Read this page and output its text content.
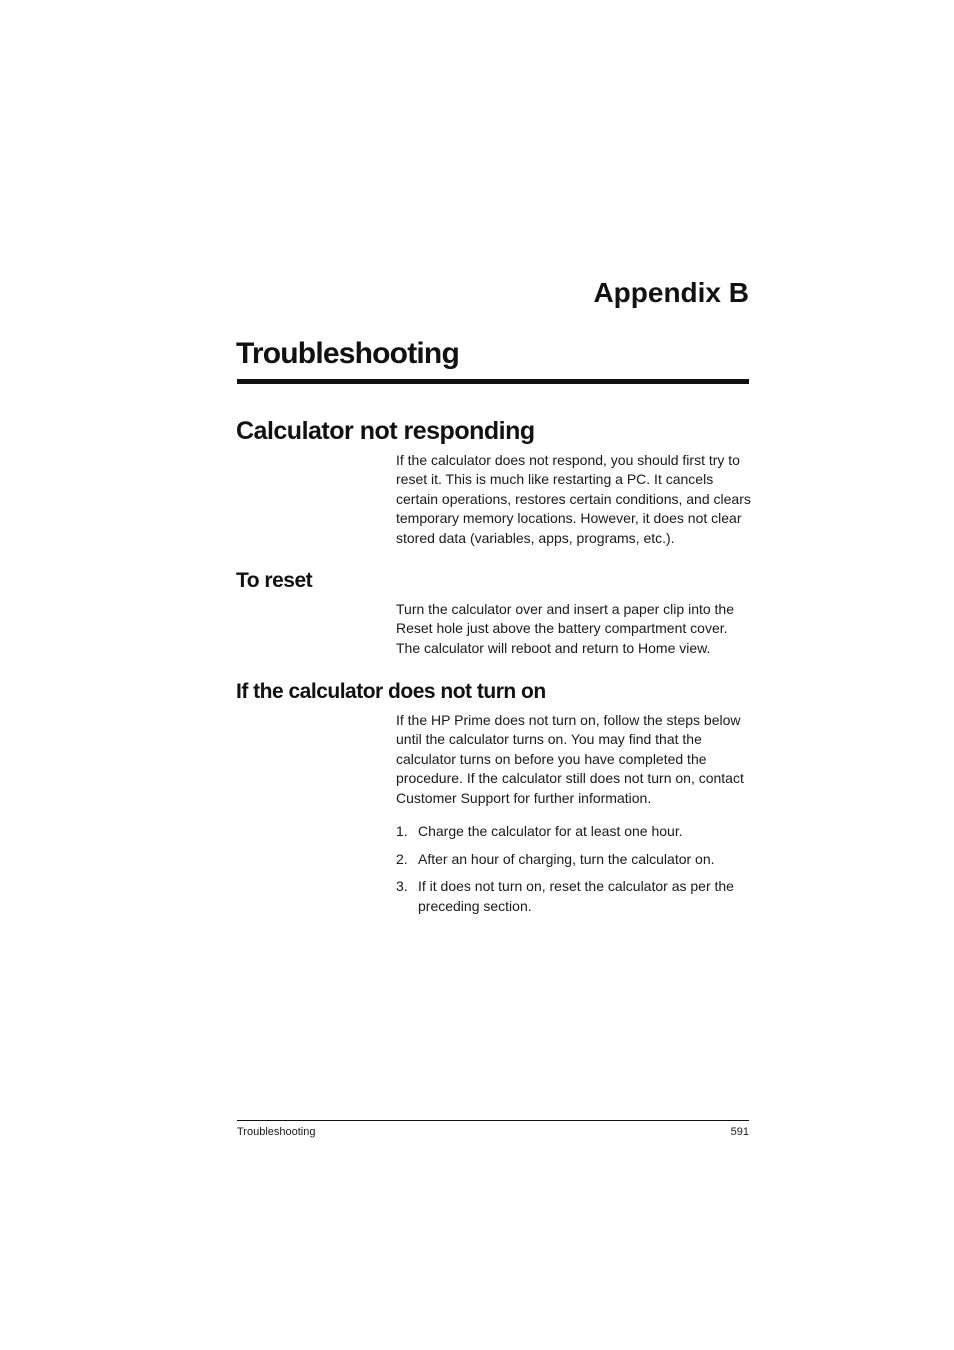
Appendix B
Troubleshooting
Calculator not responding

If the calculator does not respond, you should first try to reset it. This is much like restarting a PC. It cancels certain operations, restores certain conditions, and clears temporary memory locations. However, it does not clear stored data (variables, apps, programs, etc.).

To reset

Turn the calculator over and insert a paper clip into the Reset hole just above the battery compartment cover. The calculator will reboot and return to Home view.

If the calculator does not turn on

If the HP Prime does not turn on, follow the steps below until the calculator turns on. You may find that the calculator turns on before you have completed the procedure. If the calculator still does not turn on, contact Customer Support for further information.

1. Charge the calculator for at least one hour.
2. After an hour of charging, turn the calculator on.
3. If it does not turn on, reset the calculator as per the preceding section.
Troubleshooting	591
